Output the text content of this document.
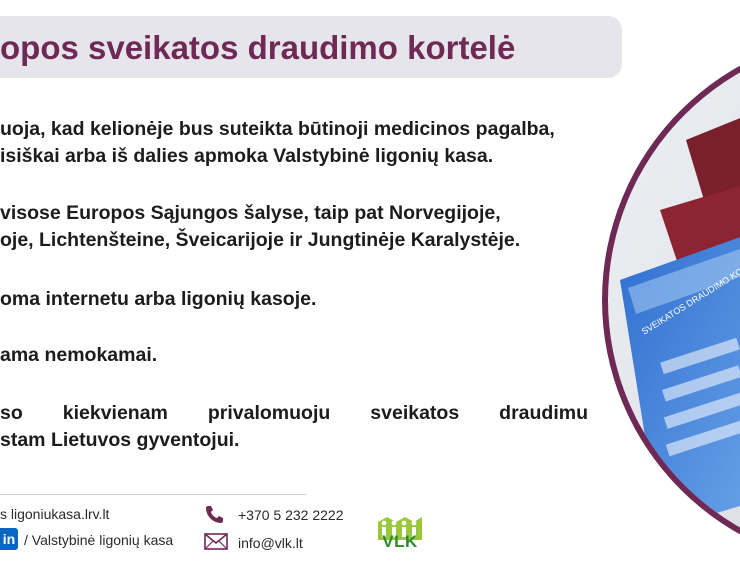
opos sveikatos draudimo kortelė
uoja, kad kelionėje bus suteikta būtinoji medicinos pagalba,
isiškai arba iš dalies apmoka Valstybinė ligonių kasa.
visose Europos Sąjungos šalyse, taip pat Norvegijoje,
oje, Lichtenšteine, Šveicarijoje ir Jungtinėje Karalystėje.
oma internetu arba ligonių kasoje.
ama nemokamai.
so kiekvienam privalomuoju sveikatos draudimu
stam Lietuvos gyventojui.
s ligoniukasa.lrv.lt
in / Valstybinė ligonių kasa
+370 5 232 2222
info@vlk.lt	VLK
